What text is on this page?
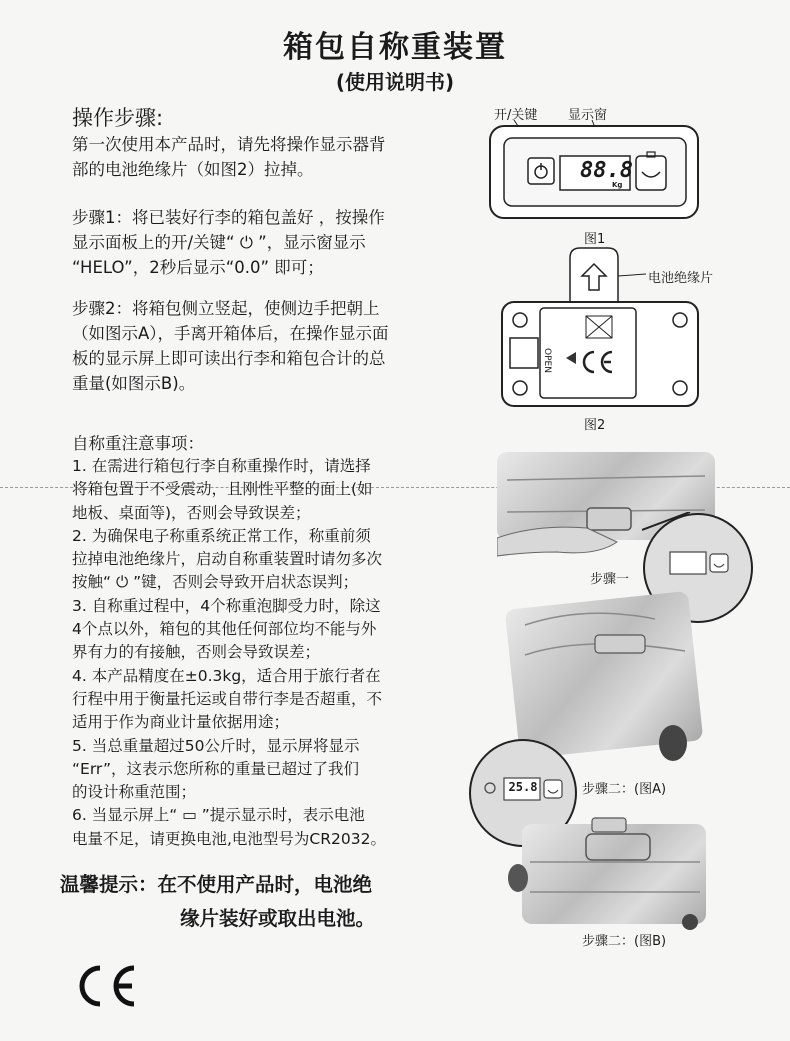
箱包自称重装置
(使用说明书)
操作步骤:
第一次使用本产品时，请先将操作显示器背
部的电池绝缘片（如图2）拉掉。
步骤1：将已装好行李的箱包盖好 ，按操作
显示面板上的开/关键“ ⏻ ”，显示窗显示
“HELO”，2秒后显示“0.0” 即可；
步骤2：将箱包侧立竖起，使侧边手把朝上
（如图示A），手离开箱体后，在操作显示面
板的显示屏上即可读出行李和箱包合计的总
重量(如图示B)。
自称重注意事项：
1. 在需进行箱包行李自称重操作时，请选择
将箱包置于不受震动，且刚性平整的面上(如
地板、桌面等)，否则会导致误差；
2. 为确保电子称重系统正常工作，称重前须
拉掉电池绝缘片，启动自称重装置时请勿多次
按触“ ⏻ ”键，否则会导致开启状态误判；
3. 自称重过程中，4个称重泡脚受力时，除这
4个点以外，箱包的其他任何部位均不能与外
界有力的有接触，否则会导致误差；
4. 本产品精度在±0.3kg，适合用于旅行者在
行程中用于衡量托运或自带行李是否超重，不
适用于作为商业计量依据用途；
5. 当总重量超过50公斤时，显示屏将显示
“Err”，这表示您所称的重量已超过了我们
的设计称重范围；
6. 当显示屏上“ ▭ ”提示显示时，表示电池
电量不足，请更换电池,电池型号为CR2032。
温馨提示：在不使用产品时，电池绝
缘片装好或取出电池。
开/关键 显示窗
88.8
Kg
图1
OPEN
电池绝缘片
图2
步骤一
25.8	步骤二：(图A)
步骤二：(图B)
